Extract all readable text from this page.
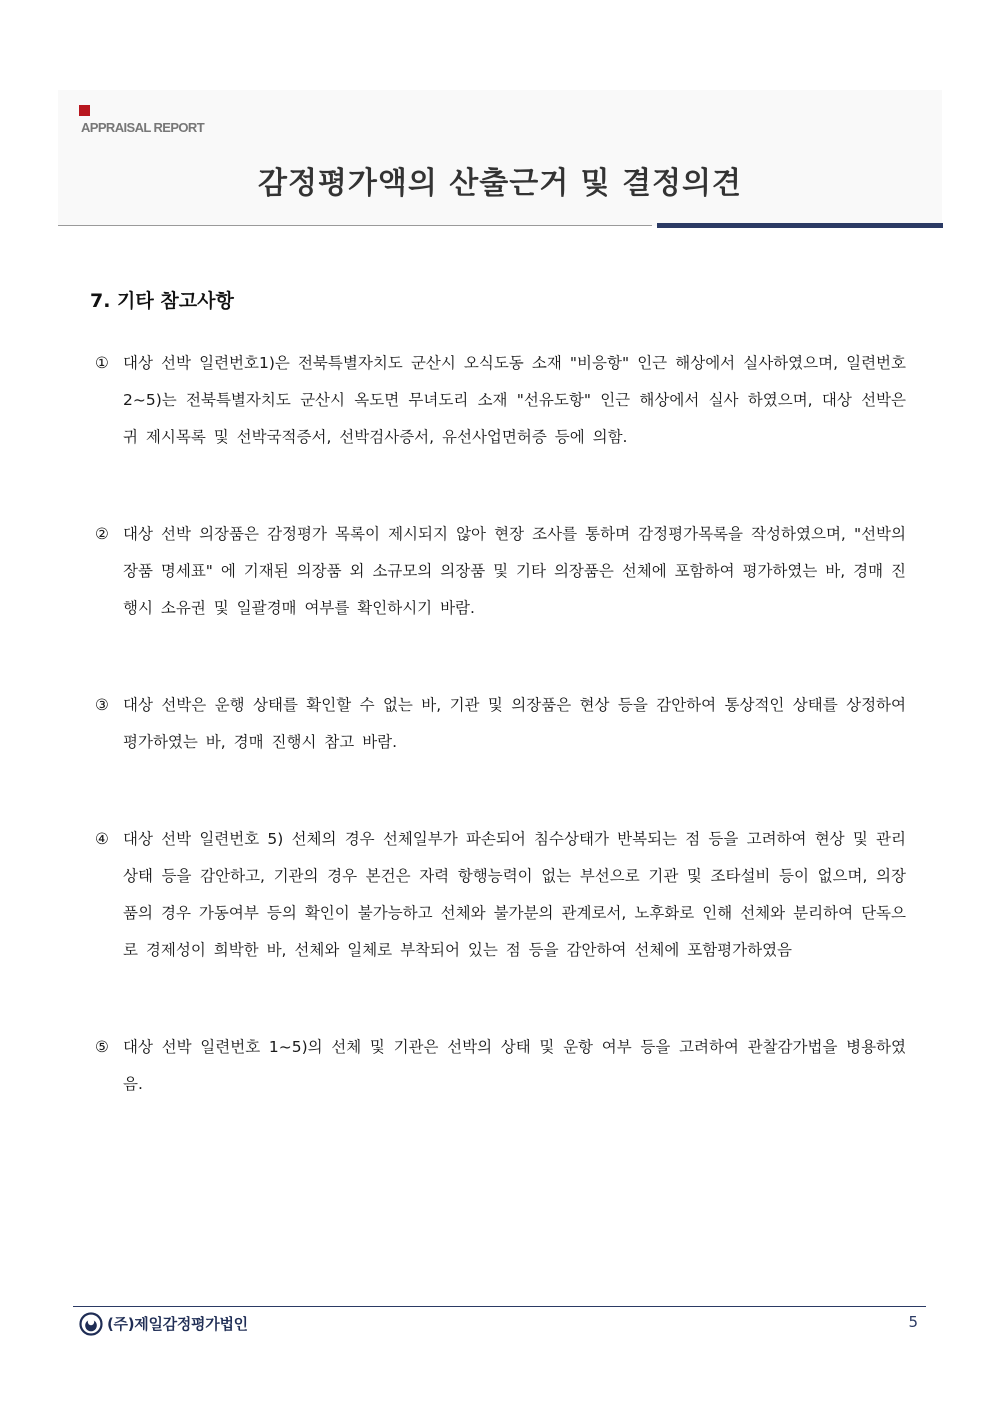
APPRAISAL REPORT
감정평가액의 산출근거 및 결정의견
7. 기타 참고사항
① 대상 선박 일련번호1)은 전북특별자치도 군산시 오식도동 소재 "비응항" 인근 해상에서 실사하였으며, 일련번호2~5)는 전북특별자치도 군산시 옥도면 무녀도리 소재 "선유도항" 인근 해상에서 실사 하였으며, 대상 선박은 귀 제시목록 및 선박국적증서, 선박검사증서, 유선사업면허증 등에 의함.
② 대상 선박 의장품은 감정평가 목록이 제시되지 않아 현장 조사를 통하며 감정평가목록을 작성하였으며, "선박의장품 명세표" 에 기재된 의장품 외 소규모의 의장품 및 기타 의장품은 선체에 포함하여 평가하였는 바, 경매 진행시 소유권 및 일괄경매 여부를 확인하시기 바람.
③ 대상 선박은 운행 상태를 확인할 수 없는 바, 기관 및 의장품은 현상 등을 감안하여 통상적인 상태를 상정하여 평가하였는 바, 경매 진행시 참고 바람.
④ 대상 선박 일련번호 5) 선체의 경우 선체일부가 파손되어 침수상태가 반복되는 점 등을 고려하여 현상 및 관리상태 등을 감안하고, 기관의 경우 본건은 자력 항행능력이 없는 부선으로 기관 및 조타설비 등이 없으며, 의장품의 경우 가동여부 등의 확인이 불가능하고 선체와 불가분의 관계로서, 노후화로 인해 선체와 분리하여 단독으로 경제성이 희박한 바, 선체와 일체로 부착되어 있는 점 등을 감안하여 선체에 포함평가하였음
⑤ 대상 선박 일련번호 1~5)의 선체 및 기관은 선박의 상태 및 운항 여부 등을 고려하여 관찰감가법을 병용하였음.
(주)제일감정평가법인	5
